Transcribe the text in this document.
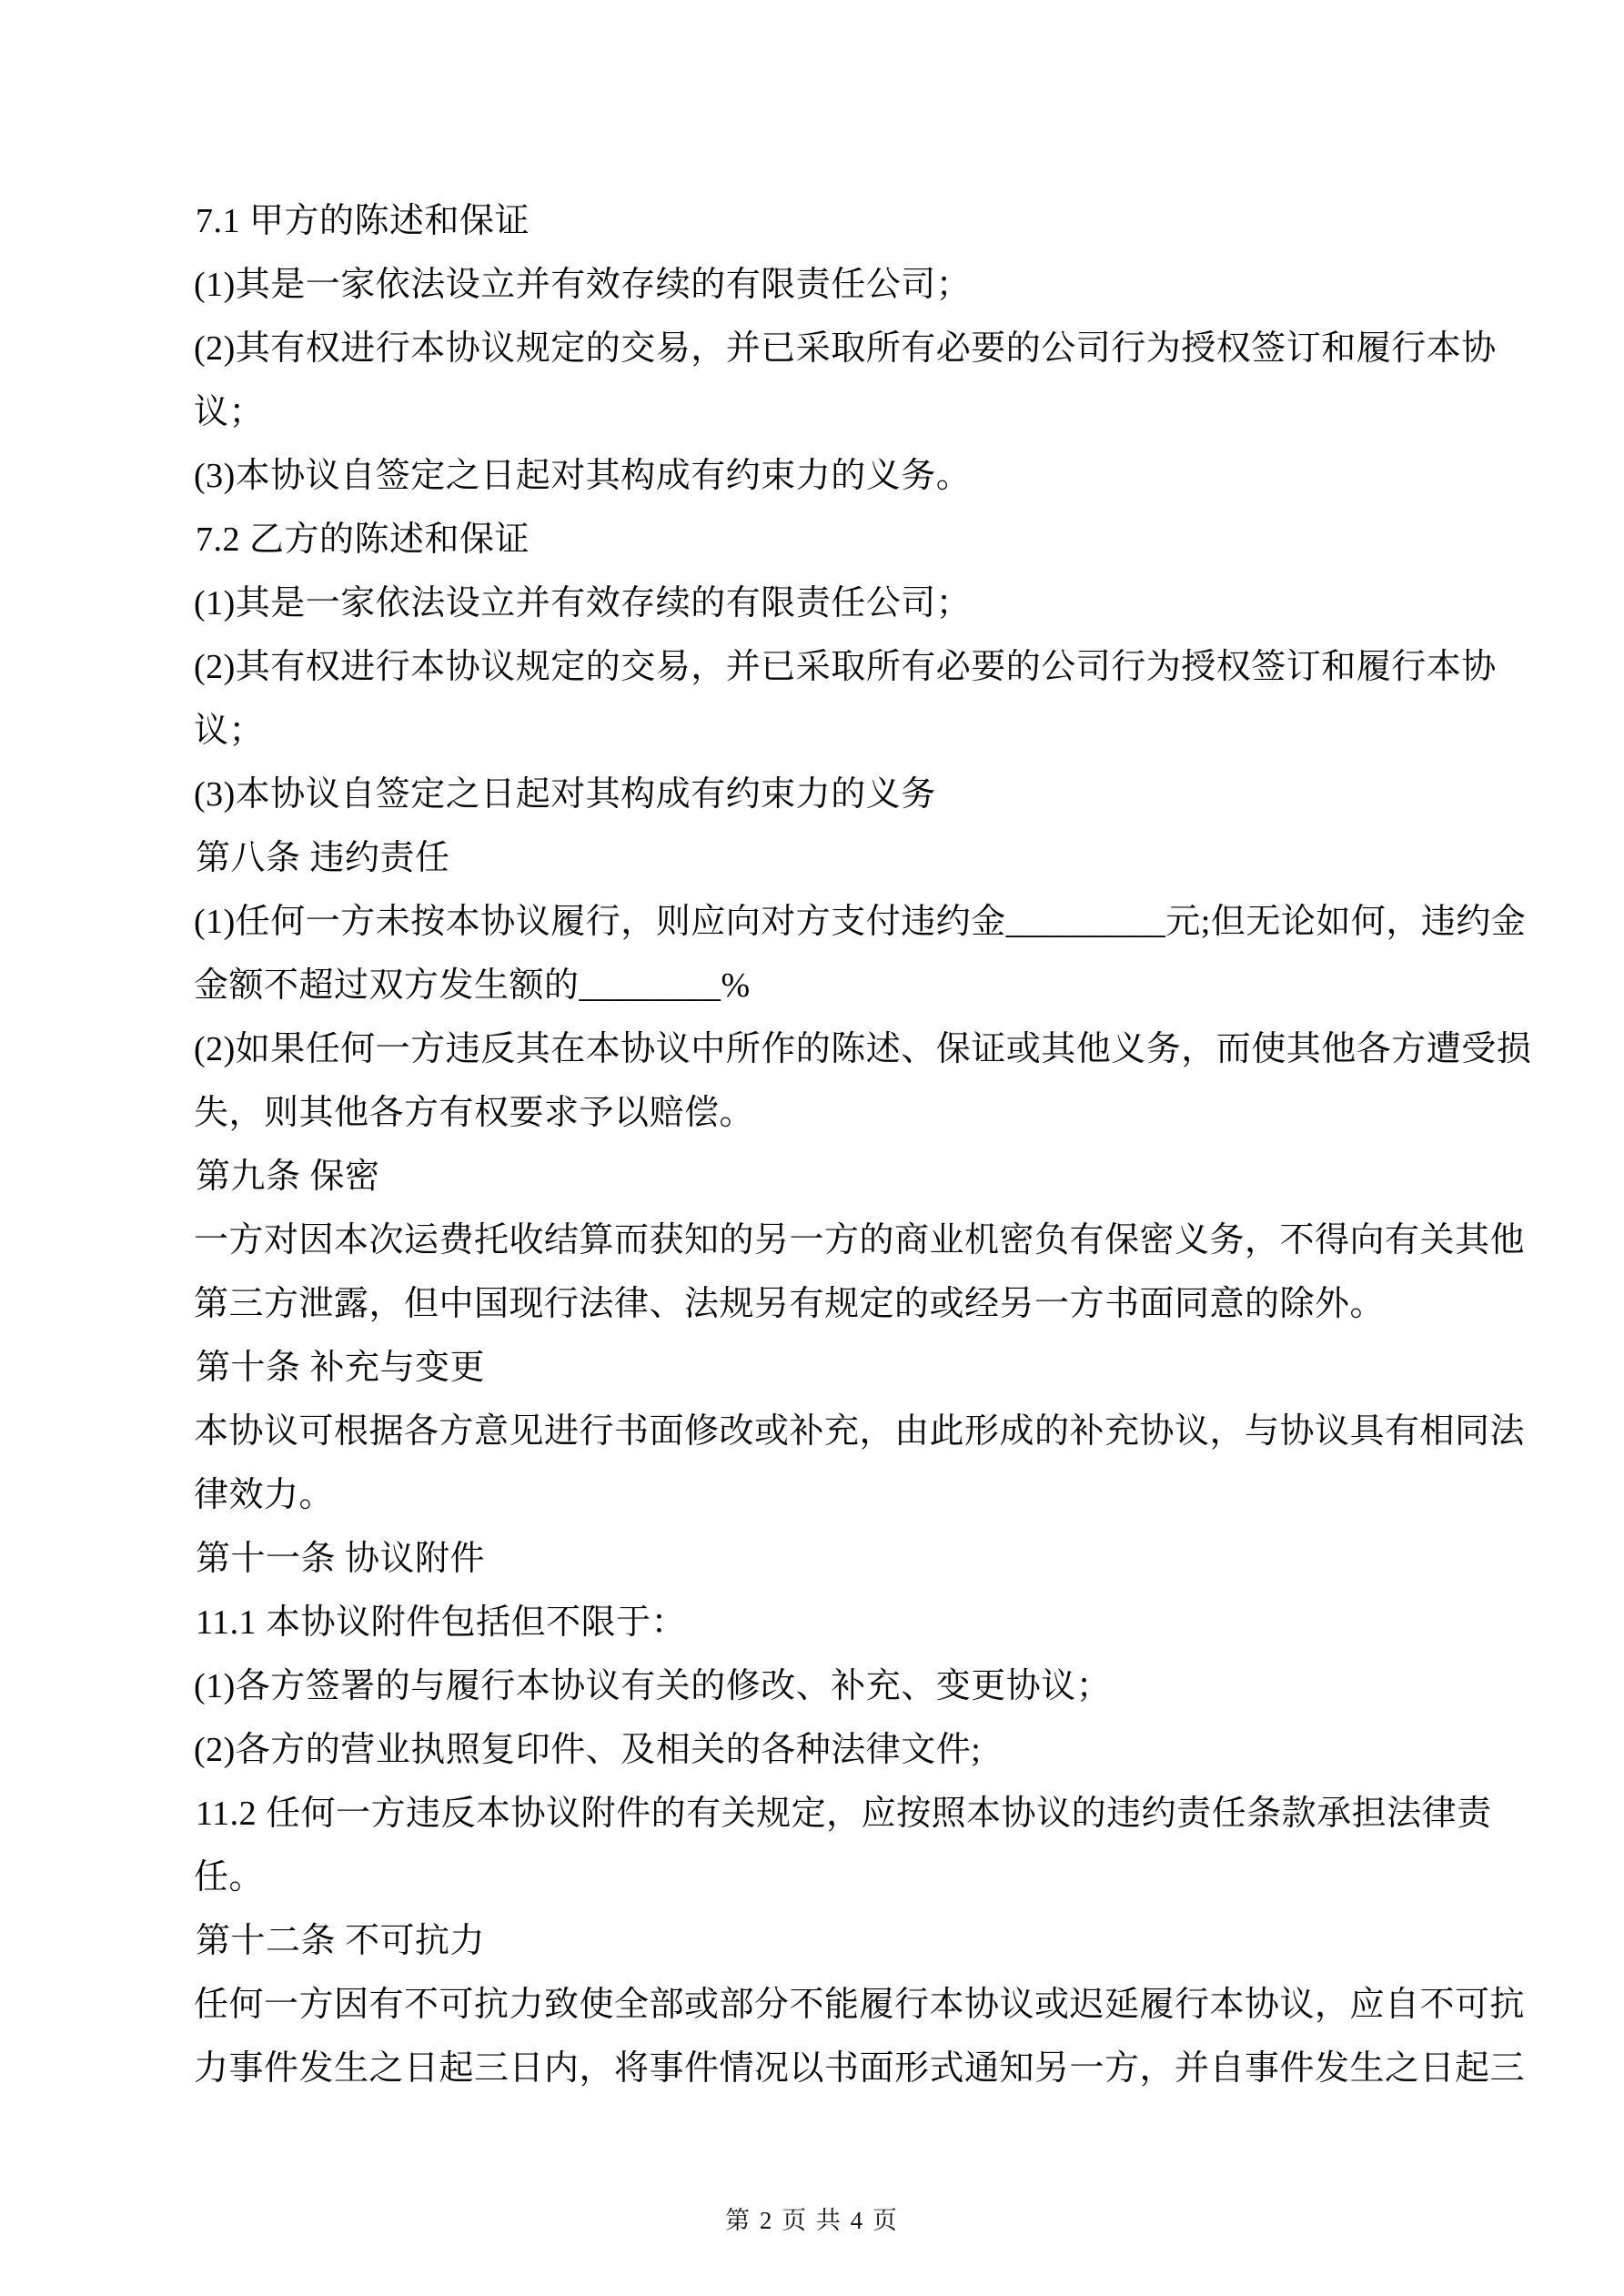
7.1 甲方的陈述和保证
(1)其是一家依法设立并有效存续的有限责任公司；
(2)其有权进行本协议规定的交易，并已采取所有必要的公司行为授权签订和履行本协
议；
(3)本协议自签定之日起对其构成有约束力的义务。
7.2 乙方的陈述和保证
(1)其是一家依法设立并有效存续的有限责任公司；
(2)其有权进行本协议规定的交易，并已采取所有必要的公司行为授权签订和履行本协
议；
(3)本协议自签定之日起对其构成有约束力的义务
第八条 违约责任
(1)任何一方未按本协议履行，则应向对方支付违约金_________元;但无论如何，违约金
金额不超过双方发生额的________%
(2)如果任何一方违反其在本协议中所作的陈述、保证或其他义务，而使其他各方遭受损
失，则其他各方有权要求予以赔偿。
第九条 保密
一方对因本次运费托收结算而获知的另一方的商业机密负有保密义务，不得向有关其他
第三方泄露，但中国现行法律、法规另有规定的或经另一方书面同意的除外。
第十条 补充与变更
本协议可根据各方意见进行书面修改或补充，由此形成的补充协议，与协议具有相同法
律效力。
第十一条 协议附件
11.1 本协议附件包括但不限于：
(1)各方签署的与履行本协议有关的修改、补充、变更协议；
(2)各方的营业执照复印件、及相关的各种法律文件;
11.2 任何一方违反本协议附件的有关规定，应按照本协议的违约责任条款承担法律责
任。
第十二条 不可抗力
任何一方因有不可抗力致使全部或部分不能履行本协议或迟延履行本协议，应自不可抗
力事件发生之日起三日内，将事件情况以书面形式通知另一方，并自事件发生之日起三
第 2 页 共 4 页
